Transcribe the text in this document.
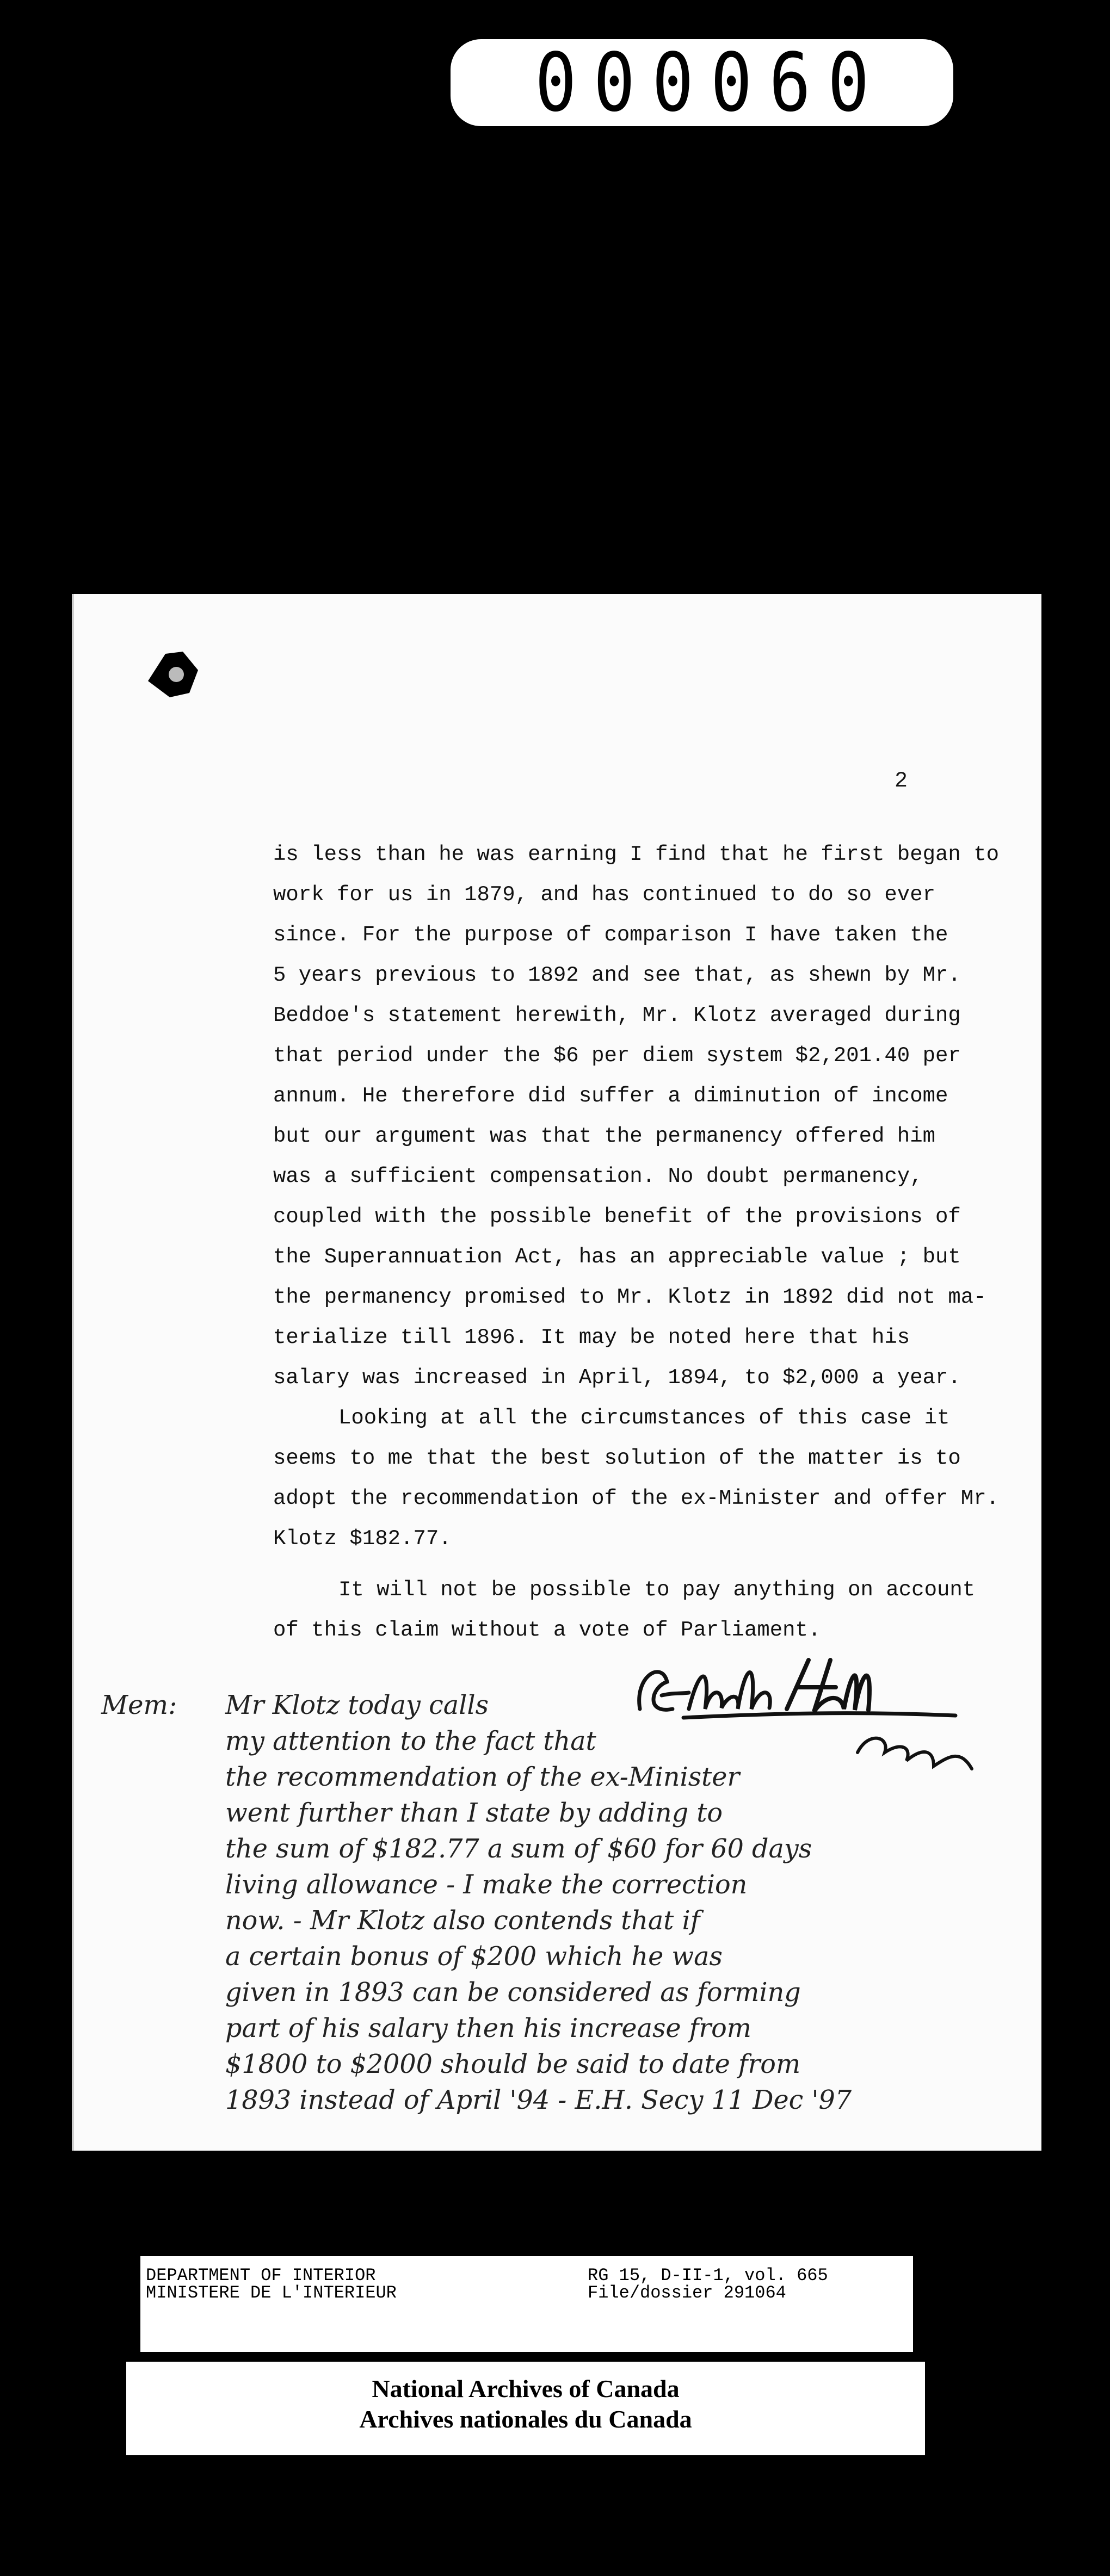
000060
2

is less than he was earning I find that he first began to

work for us in 1879, and has continued to do so ever

since. For the purpose of comparison I have taken the

5 years previous to 1892 and see that, as shewn by Mr.

Beddoe's statement herewith, Mr. Klotz averaged during

that period under the $6 per diem system $2,201.40 per

annum. He therefore did suffer a diminution of income

but our argument was that the permanency offered him

was a sufficient compensation. No doubt permanency,

coupled with the possible benefit of the provisions of

the Superannuation Act, has an appreciable value ; but

the permanency promised to Mr. Klotz in 1892 did not ma-

terialize till 1896. It may be noted here that his

salary was increased in April, 1894, to $2,000 a year.

Looking at all the circumstances of this case it

seems to me that the best solution of the matter is to

adopt the recommendation of the ex-Minister and offer Mr.

Klotz $182.77.

It will not be possible to pay anything on account

of this claim without a vote of Parliament.

Mem: Mr Klotz today calls
my attention to the fact that
the recommendation of the ex-Minister
went further than I state by adding to
the sum of $182.77 a sum of $60 for 60 days
living allowance - I make the correction
now. - Mr Klotz also contends that if
a certain bonus of $200 which he was
given in 1893 can be considered as forming
part of his salary then his increase from
$1800 to $2000 should be said to date from
1893 instead of April '94 - E.H. Secy 11 Dec '97
DEPARTMENT OF INTERIOR
MINISTERE DE L'INTERIEUR
RG 15, D-II-1, vol. 665
File/dossier 291064
National Archives of Canada
Archives nationales du Canada
